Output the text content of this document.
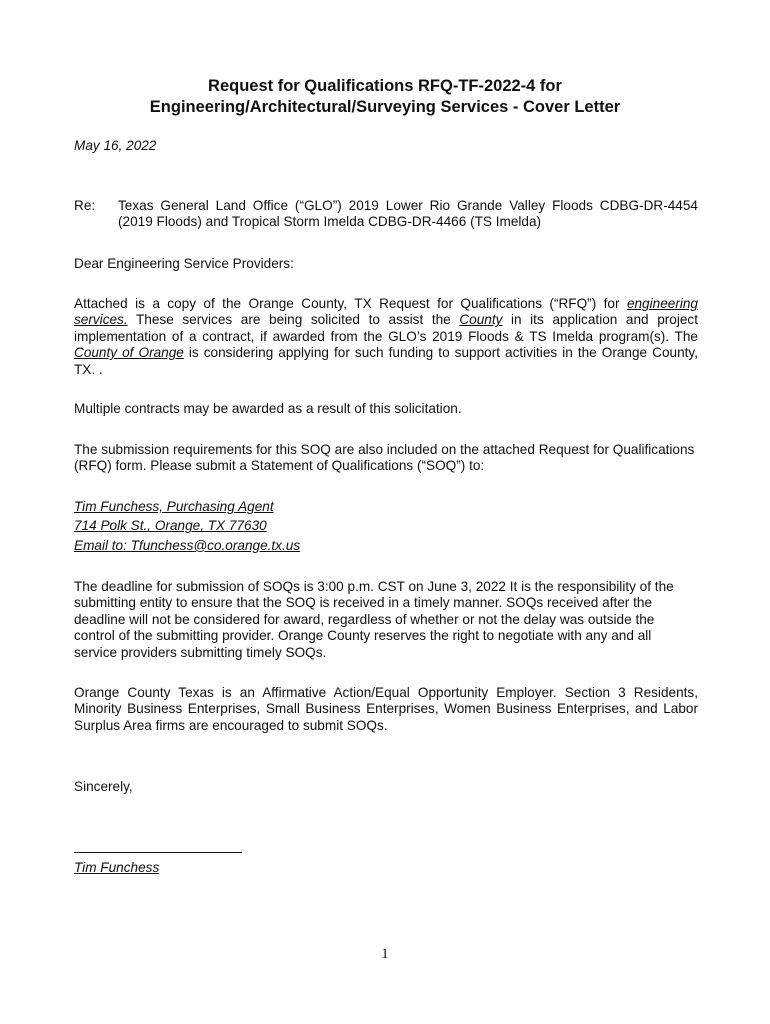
Request for Qualifications RFQ-TF-2022-4 for
Engineering/Architectural/Surveying Services - Cover Letter
May 16, 2022
Re: Texas General Land Office (“GLO”) 2019 Lower Rio Grande Valley Floods CDBG-DR-4454 (2019 Floods) and Tropical Storm Imelda CDBG-DR-4466 (TS Imelda)
Dear Engineering Service Providers:
Attached is a copy of the Orange County, TX Request for Qualifications (“RFQ”) for engineering services. These services are being solicited to assist the County in its application and project implementation of a contract, if awarded from the GLO’s 2019 Floods & TS Imelda program(s). The County of Orange is considering applying for such funding to support activities in the Orange County, TX. .
Multiple contracts may be awarded as a result of this solicitation.
The submission requirements for this SOQ are also included on the attached Request for Qualifications (RFQ) form. Please submit a Statement of Qualifications (“SOQ”) to:
Tim Funchess, Purchasing Agent
714 Polk St., Orange, TX 77630
Email to: Tfunchess@co.orange.tx.us
The deadline for submission of SOQs is 3:00 p.m. CST on June 3, 2022 It is the responsibility of the submitting entity to ensure that the SOQ is received in a timely manner. SOQs received after the deadline will not be considered for award, regardless of whether or not the delay was outside the control of the submitting provider. Orange County reserves the right to negotiate with any and all service providers submitting timely SOQs.
Orange County Texas is an Affirmative Action/Equal Opportunity Employer. Section 3 Residents, Minority Business Enterprises, Small Business Enterprises, Women Business Enterprises, and Labor Surplus Area firms are encouraged to submit SOQs.
Sincerely,
Tim Funchess
1
